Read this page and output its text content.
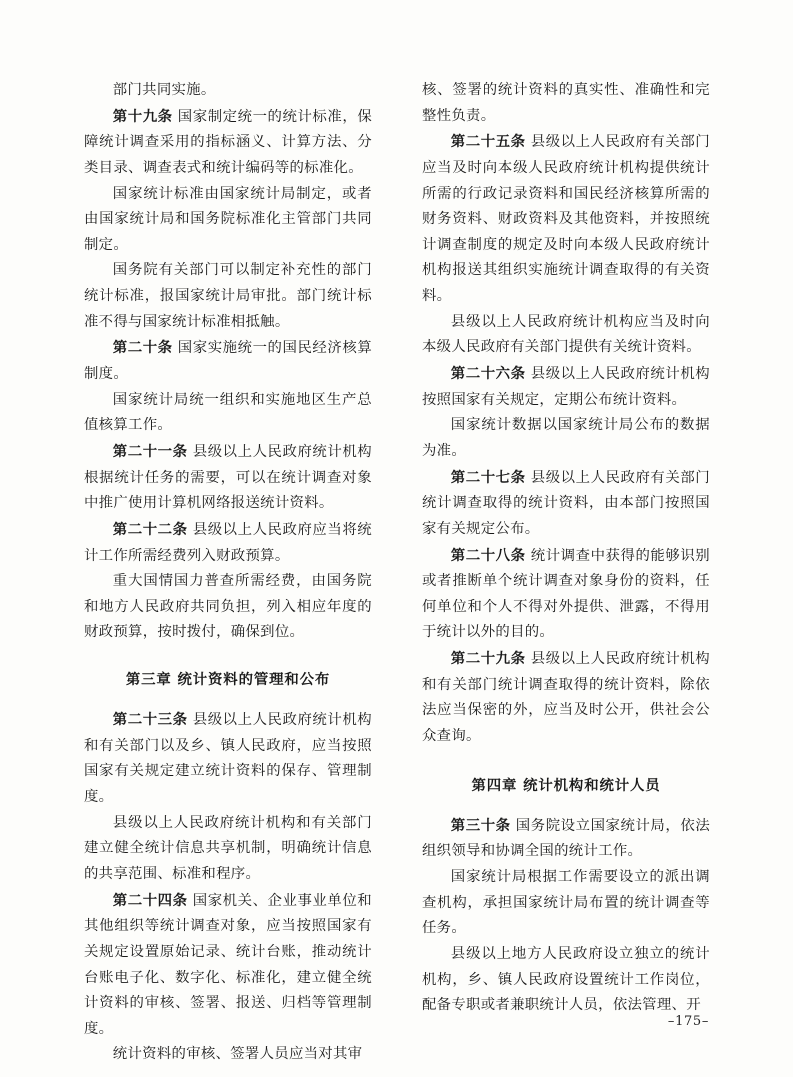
部门共同实施。

第十九条 国家制定统一的统计标准，保障统计调查采用的指标涵义、计算方法、分类目录、调查表式和统计编码等的标准化。

国家统计标准由国家统计局制定，或者由国家统计局和国务院标准化主管部门共同制定。

国务院有关部门可以制定补充性的部门统计标准，报国家统计局审批。部门统计标准不得与国家统计标准相抵触。

第二十条 国家实施统一的国民经济核算制度。

国家统计局统一组织和实施地区生产总值核算工作。

第二十一条 县级以上人民政府统计机构根据统计任务的需要，可以在统计调查对象中推广使用计算机网络报送统计资料。

第二十二条 县级以上人民政府应当将统计工作所需经费列入财政预算。

重大国情国力普查所需经费，由国务院和地方人民政府共同负担，列入相应年度的财政预算，按时拨付，确保到位。

第三章 统计资料的管理和公布

第二十三条 县级以上人民政府统计机构和有关部门以及乡、镇人民政府，应当按照国家有关规定建立统计资料的保存、管理制度。

县级以上人民政府统计机构和有关部门建立健全统计信息共享机制，明确统计信息的共享范围、标准和程序。

第二十四条 国家机关、企业事业单位和其他组织等统计调查对象，应当按照国家有关规定设置原始记录、统计台账，推动统计台账电子化、数字化、标准化，建立健全统计资料的审核、签署、报送、归档等管理制度。

统计资料的审核、签署人员应当对其审

核、签署的统计资料的真实性、准确性和完整性负责。

第二十五条 县级以上人民政府有关部门应当及时向本级人民政府统计机构提供统计所需的行政记录资料和国民经济核算所需的财务资料、财政资料及其他资料，并按照统计调查制度的规定及时向本级人民政府统计机构报送其组织实施统计调查取得的有关资料。

县级以上人民政府统计机构应当及时向本级人民政府有关部门提供有关统计资料。

第二十六条 县级以上人民政府统计机构按照国家有关规定，定期公布统计资料。

国家统计数据以国家统计局公布的数据为准。

第二十七条 县级以上人民政府有关部门统计调查取得的统计资料，由本部门按照国家有关规定公布。

第二十八条 统计调查中获得的能够识别或者推断单个统计调查对象身份的资料，任何单位和个人不得对外提供、泄露，不得用于统计以外的目的。

第二十九条 县级以上人民政府统计机构和有关部门统计调查取得的统计资料，除依法应当保密的外，应当及时公开，供社会公众查询。

第四章 统计机构和统计人员

第三十条 国务院设立国家统计局，依法组织领导和协调全国的统计工作。

国家统计局根据工作需要设立的派出调查机构，承担国家统计局布置的统计调查等任务。

县级以上地方人民政府设立独立的统计机构，乡、镇人民政府设置统计工作岗位，配备专职或者兼职统计人员，依法管理、开

–175–
